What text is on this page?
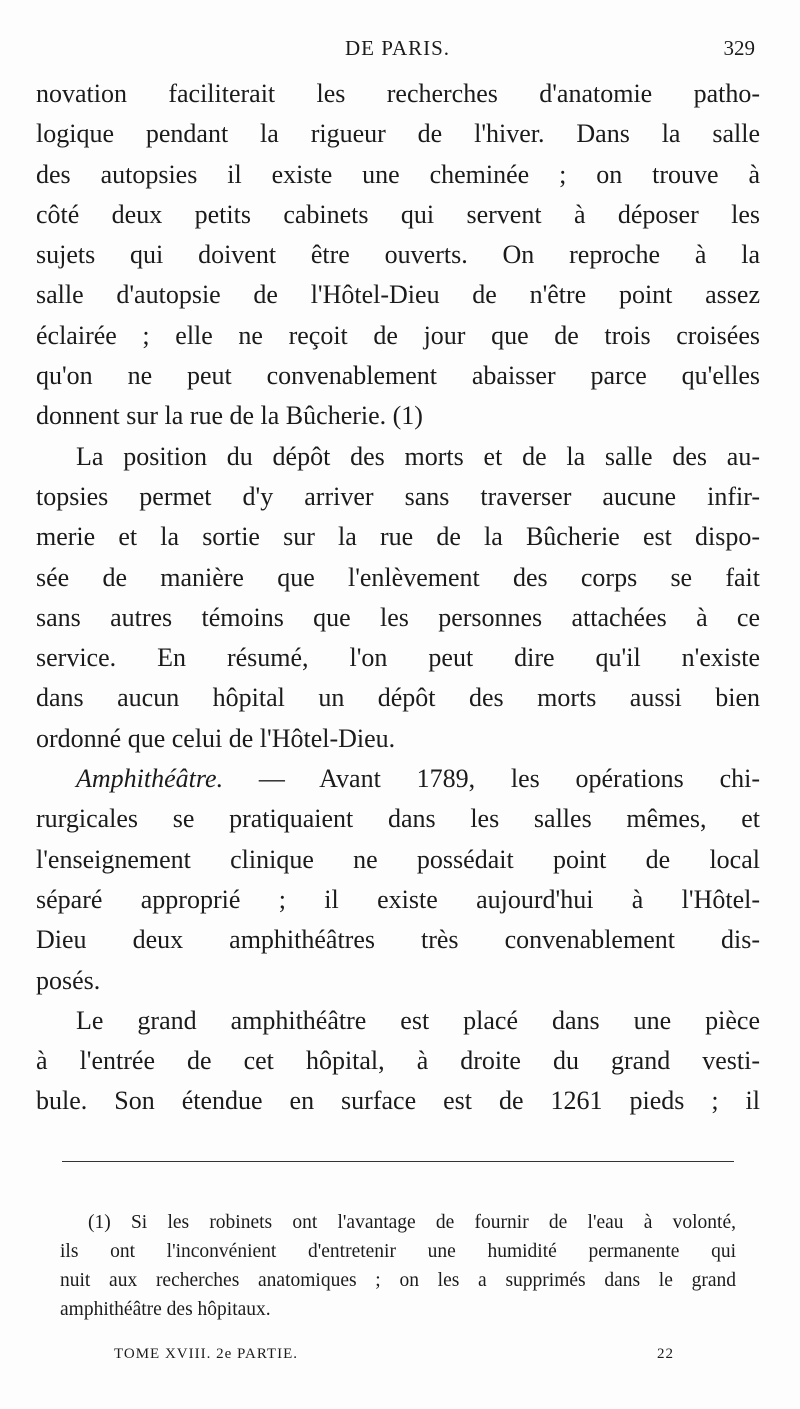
DE PARIS.	329
novation faciliterait les recherches d'anatomie patho-
logique pendant la rigueur de l'hiver. Dans la salle
des autopsies il existe une cheminée ; on trouve à
côté deux petits cabinets qui servent à déposer les
sujets qui doivent être ouverts. On reproche à la
salle d'autopsie de l'Hôtel-Dieu de n'être point assez
éclairée ; elle ne reçoit de jour que de trois croisées
qu'on ne peut convenablement abaisser parce qu'elles
donnent sur la rue de la Bûcherie. (1)
La position du dépôt des morts et de la salle des au-
topsies permet d'y arriver sans traverser aucune infir-
merie et la sortie sur la rue de la Bûcherie est dispo-
sée de manière que l'enlèvement des corps se fait
sans autres témoins que les personnes attachées à ce
service. En résumé, l'on peut dire qu'il n'existe
dans aucun hôpital un dépôt des morts aussi bien
ordonné que celui de l'Hôtel-Dieu.
Amphithéâtre. — Avant 1789, les opérations chi-
rurgicales se pratiquaient dans les salles mêmes, et
l'enseignement clinique ne possédait point de local
séparé approprié ; il existe aujourd'hui à l'Hôtel-
Dieu deux amphithéâtres très convenablement dis-
posés.
Le grand amphithéâtre est placé dans une pièce
à l'entrée de cet hôpital, à droite du grand vesti-
bule. Son étendue en surface est de 1261 pieds ; il
(1) Si les robinets ont l'avantage de fournir de l'eau à volonté,
ils ont l'inconvénient d'entretenir une humidité permanente qui
nuit aux recherches anatomiques ; on les a supprimés dans le grand
amphithéâtre des hôpitaux.
TOME XVIII. 2e PARTIE.	22
